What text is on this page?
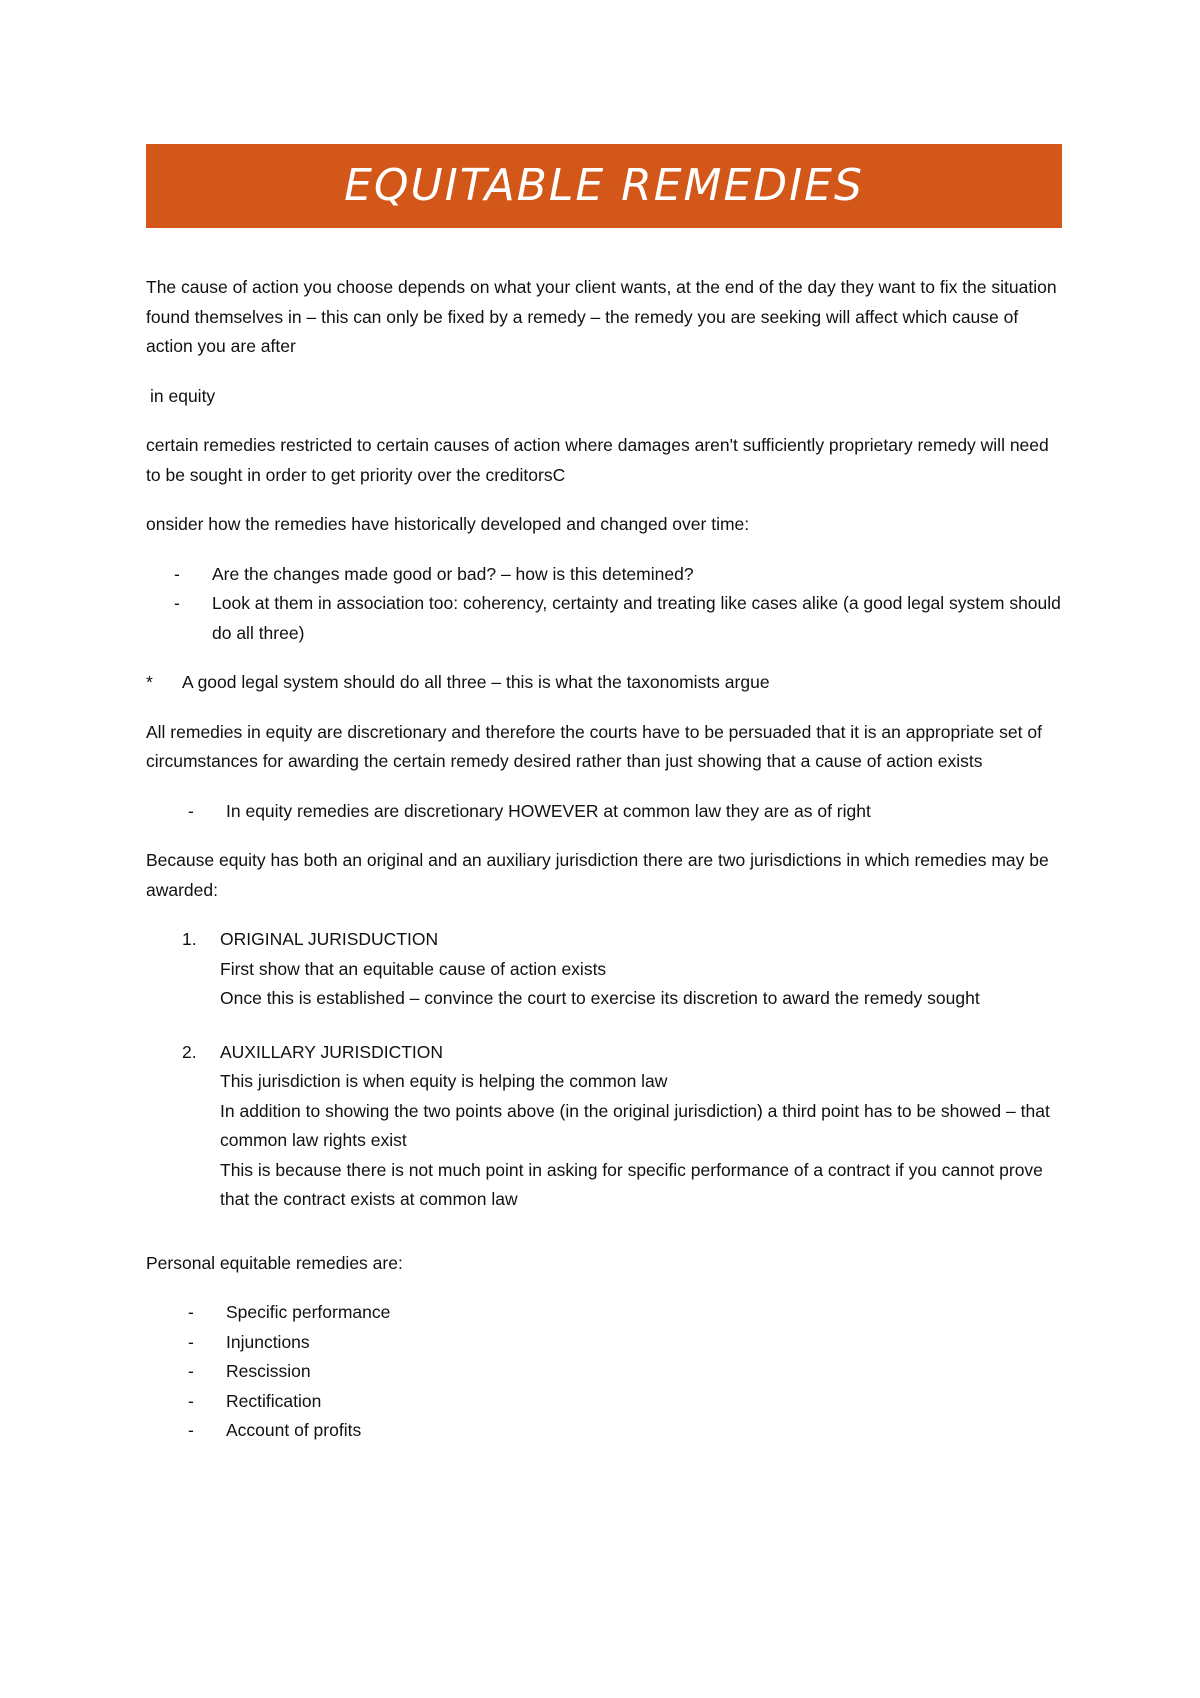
EQUITABLE REMEDIES

The cause of action you choose depends on what your client wants, at the end of the day they want to fix the situation found themselves in – this can only be fixed by a remedy – the remedy you are seeking will affect which cause of action you are after

in equity

certain remedies restricted to certain causes of action where damages aren't sufficiently proprietary remedy will need to be sought in order to get priority over the creditorsC

onsider how the remedies have historically developed and changed over time:

-	Are the changes made good or bad? – how is this detemined?
-	Look at them in association too: coherency, certainty and treating like cases alike (a good legal system should do all three)
*	A good legal system should do all three – this is what the taxonomists argue

All remedies in equity are discretionary and therefore the courts have to be persuaded that it is an appropriate set of circumstances for awarding the certain remedy desired rather than just showing that a cause of action exists

-	In equity remedies are discretionary HOWEVER at common law they are as of right

Because equity has both an original and an auxiliary jurisdiction there are two jurisdictions in which remedies may be awarded:

1.	ORIGINAL JURISDUCTION
First show that an equitable cause of action exists
Once this is established – convince the court to exercise its discretion to award the remedy sought
2.	AUXILLARY JURISDICTION
This jurisdiction is when equity is helping the common law
In addition to showing the two points above (in the original jurisdiction) a third point has to be showed – that common law rights exist
This is because there is not much point in asking for specific performance of a contract if you cannot prove that the contract exists at common law

Personal equitable remedies are:

-	Specific performance
-	Injunctions
-	Rescission
-	Rectification
-	Account of profits
